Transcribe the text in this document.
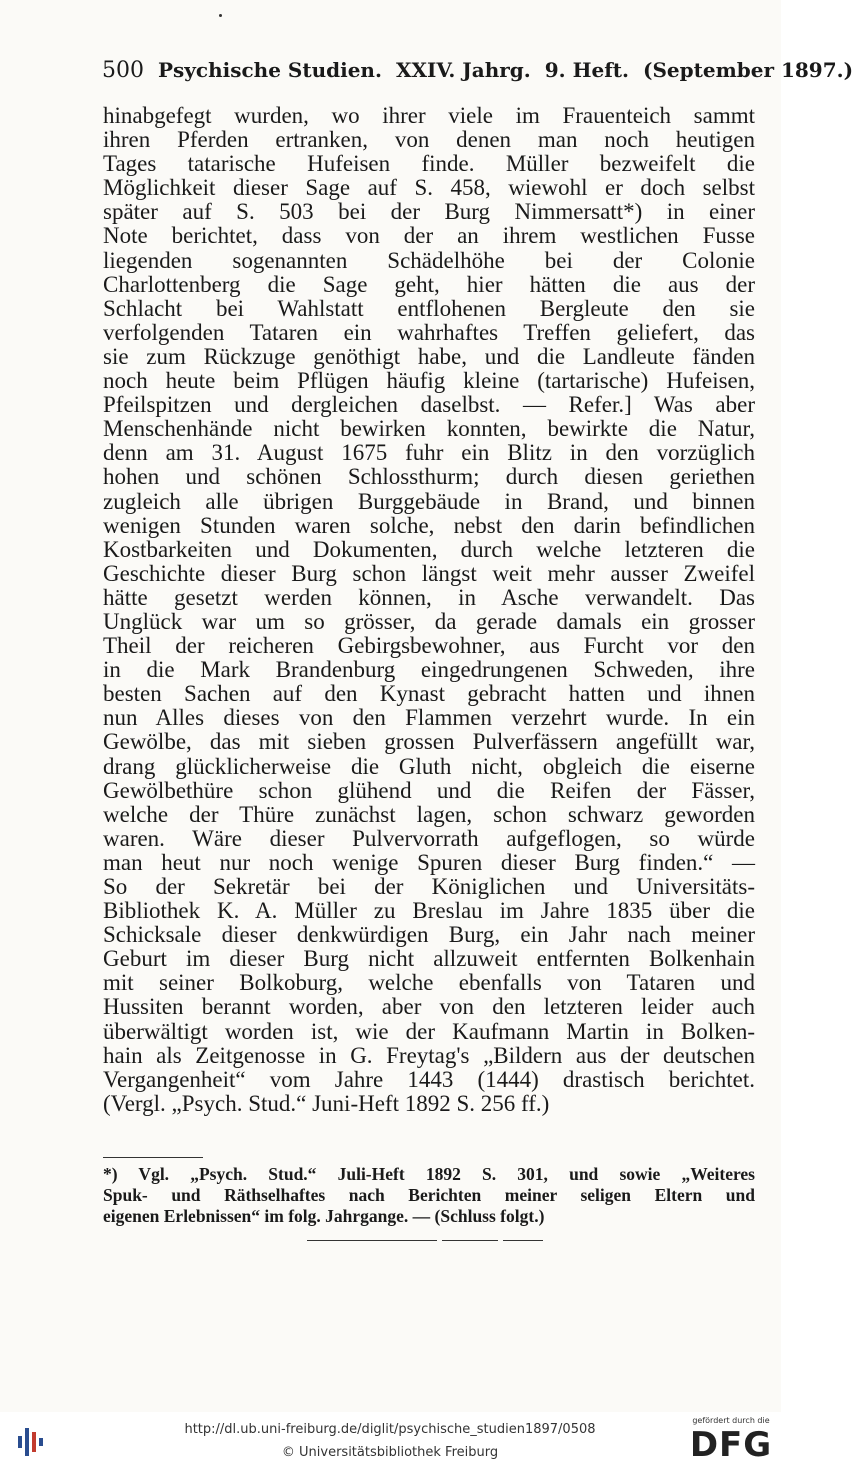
500 Psychische Studien. XXIV. Jahrg. 9. Heft. (September 1897.)
hinabgefegt wurden, wo ihrer viele im Frauenteich sammt
ihren Pferden ertranken, von denen man noch heutigen
Tages tatarische Hufeisen finde. Müller bezweifelt die
Möglichkeit dieser Sage auf S. 458, wiewohl er doch selbst
später auf S. 503 bei der Burg Nimmersatt*) in einer
Note berichtet, dass von der an ihrem westlichen Fusse
liegenden sogenannten Schädelhöhe bei der Colonie
Charlottenberg die Sage geht, hier hätten die aus der
Schlacht bei Wahlstatt entflohenen Bergleute den sie
verfolgenden Tataren ein wahrhaftes Treffen geliefert, das
sie zum Rückzuge genöthigt habe, und die Landleute fänden
noch heute beim Pflügen häufig kleine (tartarische) Hufeisen,
Pfeilspitzen und dergleichen daselbst. — Refer.] Was aber
Menschenhände nicht bewirken konnten, bewirkte die Natur,
denn am 31. August 1675 fuhr ein Blitz in den vorzüglich
hohen und schönen Schlossthurm; durch diesen geriethen
zugleich alle übrigen Burggebäude in Brand, und binnen
wenigen Stunden waren solche, nebst den darin befindlichen
Kostbarkeiten und Dokumenten, durch welche letzteren die
Geschichte dieser Burg schon längst weit mehr ausser Zweifel
hätte gesetzt werden können, in Asche verwandelt. Das
Unglück war um so grösser, da gerade damals ein grosser
Theil der reicheren Gebirgsbewohner, aus Furcht vor den
in die Mark Brandenburg eingedrungenen Schweden, ihre
besten Sachen auf den Kynast gebracht hatten und ihnen
nun Alles dieses von den Flammen verzehrt wurde. In ein
Gewölbe, das mit sieben grossen Pulverfässern angefüllt war,
drang glücklicherweise die Gluth nicht, obgleich die eiserne
Gewölbethüre schon glühend und die Reifen der Fässer,
welche der Thüre zunächst lagen, schon schwarz geworden
waren. Wäre dieser Pulvervorrath aufgeflogen, so würde
man heut nur noch wenige Spuren dieser Burg finden.“ —
So der Sekretär bei der Königlichen und Universitäts-
Bibliothek K. A. Müller zu Breslau im Jahre 1835 über die
Schicksale dieser denkwürdigen Burg, ein Jahr nach meiner
Geburt im dieser Burg nicht allzuweit entfernten Bolkenhain
mit seiner Bolkoburg, welche ebenfalls von Tataren und
Hussiten berannt worden, aber von den letzteren leider auch
überwältigt worden ist, wie der Kaufmann Martin in Bolken-
hain als Zeitgenosse in G. Freytag's „Bildern aus der deutschen
Vergangenheit“ vom Jahre 1443 (1444) drastisch berichtet.
(Vergl. „Psych. Stud.“ Juni-Heft 1892 S. 256 ff.)
*) Vgl. „Psych. Stud.“ Juli-Heft 1892 S. 301, und sowie „Weiteres
Spuk- und Räthselhaftes nach Berichten meiner seligen Eltern und
eigenen Erlebnissen“ im folg. Jahrgange. — (Schluss folgt.)
http://dl.ub.uni-freiburg.de/diglit/psychische_studien1897/0508
© Universitätsbibliothek Freiburg
gefördert durch die
DFG
